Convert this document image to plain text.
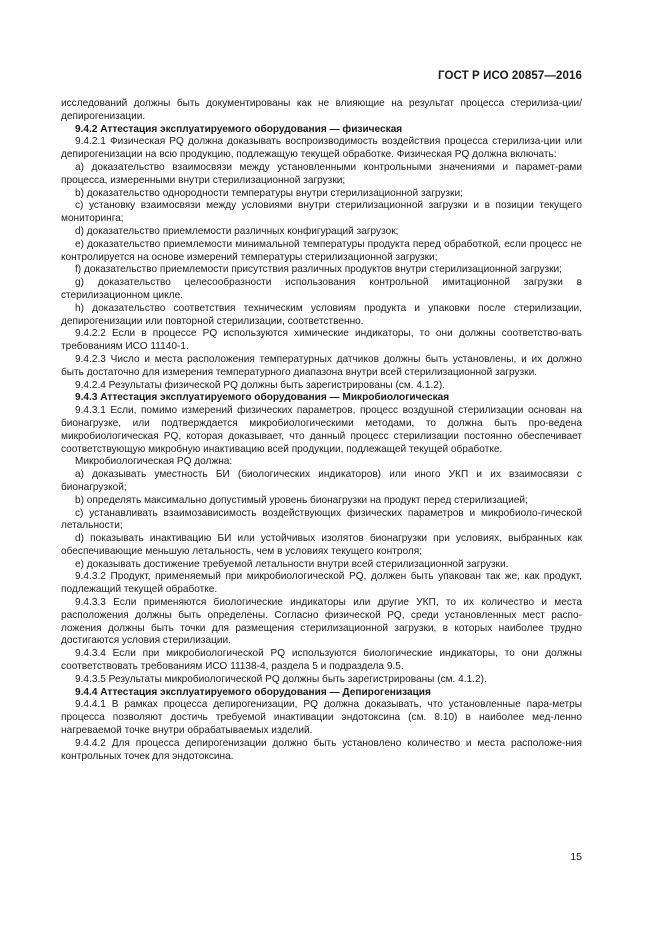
ГОСТ Р ИСО 20857—2016

исследований должны быть документированы как не влияющие на результат процесса стерилиза-ции/депирогенизации.

9.4.2 Аттестация эксплуатируемого оборудования — физическая

9.4.2.1 Физическая PQ должна доказывать воспроизводимость воздействия процесса стерилиза-ции или депирогенизации на всю продукцию, подлежащую текущей обработке. Физическая PQ должна включать:

a) доказательство взаимосвязи между установленными контрольными значениями и парамет-рами процесса, измеренными внутри стерилизационной загрузки;

b) доказательство однородности температуры внутри стерилизационной загрузки;

c) установку взаимосвязи между условиями внутри стерилизационной загрузки и в позиции текущего мониторинга;

d) доказательство приемлемости различных конфигураций загрузок;

e) доказательство приемлемости минимальной температуры продукта перед обработкой, если процесс не контролируется на основе измерений температуры стерилизационной загрузки;

f) доказательство приемлемости присутствия различных продуктов внутри стерилизационной загрузки;

g) доказательство целесообразности использования контрольной имитационной загрузки в стерилизационном цикле.

h) доказательство соответствия техническим условиям продукта и упаковки после стерилизации, депирогенизации или повторной стерилизации, соответственно.

9.4.2.2 Если в процессе PQ используются химические индикаторы, то они должны соответство-вать требованиям ИСО 11140-1.

9.4.2.3 Число и места расположения температурных датчиков должны быть установлены, и их должно быть достаточно для измерения температурного диапазона внутри всей стерилизационной загрузки.

9.4.2.4 Результаты физической PQ должны быть зарегистрированы (см. 4.1.2).

9.4.3 Аттестация эксплуатируемого оборудования — Микробиологическая

9.4.3.1 Если, помимо измерений физических параметров, процесс воздушной стерилизации основан на бионагрузке, или подтверждается микробиологическими методами, то должна быть про-ведена микробиологическая PQ, которая доказывает, что данный процесс стерилизации постоянно обеспечивает соответствующую микробную инактивацию всей продукции, подлежащей текущей обработке.

Микробиологическая PQ должна:

a) доказывать уместность БИ (биологических индикаторов) или иного УКП и их взаимосвязи с бионагрузкой;

b) определять максимально допустимый уровень бионагрузки на продукт перед стерилизацией;

c) устанавливать взаимозависимость воздействующих физических параметров и микробиоло-гической летальности;

d) показывать инактивацию БИ или устойчивых изолятов бионагрузки при условиях, выбранных как обеспечивающие меньшую летальность, чем в условиях текущего контроля;

e) доказывать достижение требуемой летальности внутри всей стерилизационной загрузки.

9.4.3.2 Продукт, применяемый при микробиологической PQ, должен быть упакован так же, как продукт, подлежащий текущей обработке.

9.4.3.3 Если применяются биологические индикаторы или другие УКП, то их количество и места расположения должны быть определены. Согласно физической PQ, среди установленных мест распо-ложения должны быть точки для размещения стерилизационной загрузки, в которых наиболее трудно достигаются условия стерилизации.

9.4.3.4 Если при микробиологической PQ используются биологические индикаторы, то они должны соответствовать требованиям ИСО 11138-4, раздела 5 и подраздела 9.5.

9.4.3.5 Результаты микробиологической PQ должны быть зарегистрированы (см. 4.1.2).

9.4.4 Аттестация эксплуатируемого оборудования — Депирогенизация

9.4.4.1 В рамках процесса депирогенизации, PQ должна доказывать, что установленные пара-метры процесса позволяют достичь требуемой инактивации эндотоксина (см. 8.10) в наиболее мед-ленно нагреваемой точке внутри обрабатываемых изделий.

9.4.4.2 Для процесса депирогенизации должно быть установлено количество и места расположе-ния контрольных точек для эндотоксина.

15
